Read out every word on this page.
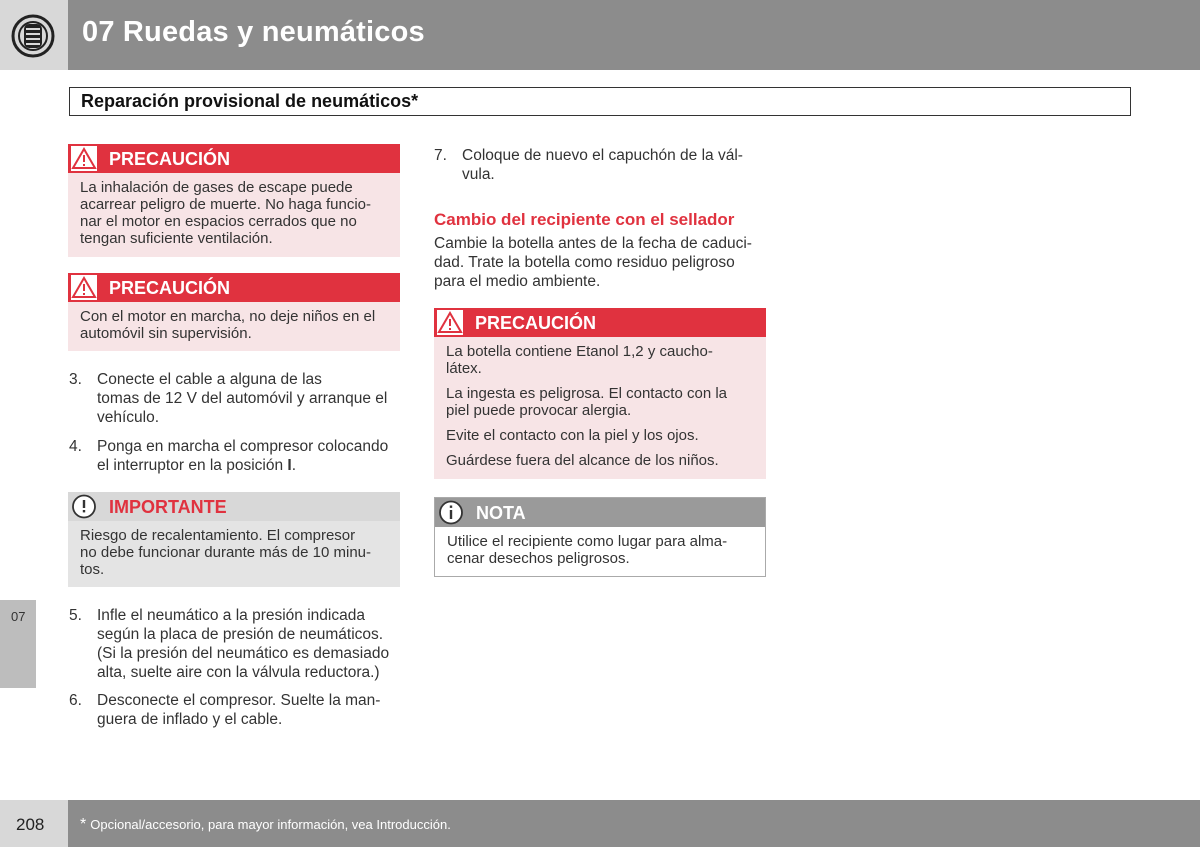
07 Ruedas y neumáticos
Reparación provisional de neumáticos*
PRECAUCIÓN
La inhalación de gases de escape puede
acarrear peligro de muerte. No haga funcio-
nar el motor en espacios cerrados que no
tengan suficiente ventilación.
PRECAUCIÓN
Con el motor en marcha, no deje niños en el
automóvil sin supervisión.
3. Conecte el cable a alguna de las
tomas de 12 V del automóvil y arranque el
vehículo.
4. Ponga en marcha el compresor colocando
el interruptor en la posición I.
IMPORTANTE
Riesgo de recalentamiento. El compresor
no debe funcionar durante más de 10 minu-
tos.
5. Infle el neumático a la presión indicada
según la placa de presión de neumáticos.
(Si la presión del neumático es demasiado
alta, suelte aire con la válvula reductora.)
6. Desconecte el compresor. Suelte la man-
guera de inflado y el cable.
7. Coloque de nuevo el capuchón de la vál-
vula.
Cambio del recipiente con el sellador
Cambie la botella antes de la fecha de caduci-
dad. Trate la botella como residuo peligroso
para el medio ambiente.
PRECAUCIÓN

La botella contiene Etanol 1,2 y caucho-
látex.

La ingesta es peligrosa. El contacto con la
piel puede provocar alergia.

Evite el contacto con la piel y los ojos.

Guárdese fuera del alcance de los niños.

NOTA
Utilice el recipiente como lugar para alma-
cenar desechos peligrosos.
07
208 * Opcional/accesorio, para mayor información, vea Introducción.
